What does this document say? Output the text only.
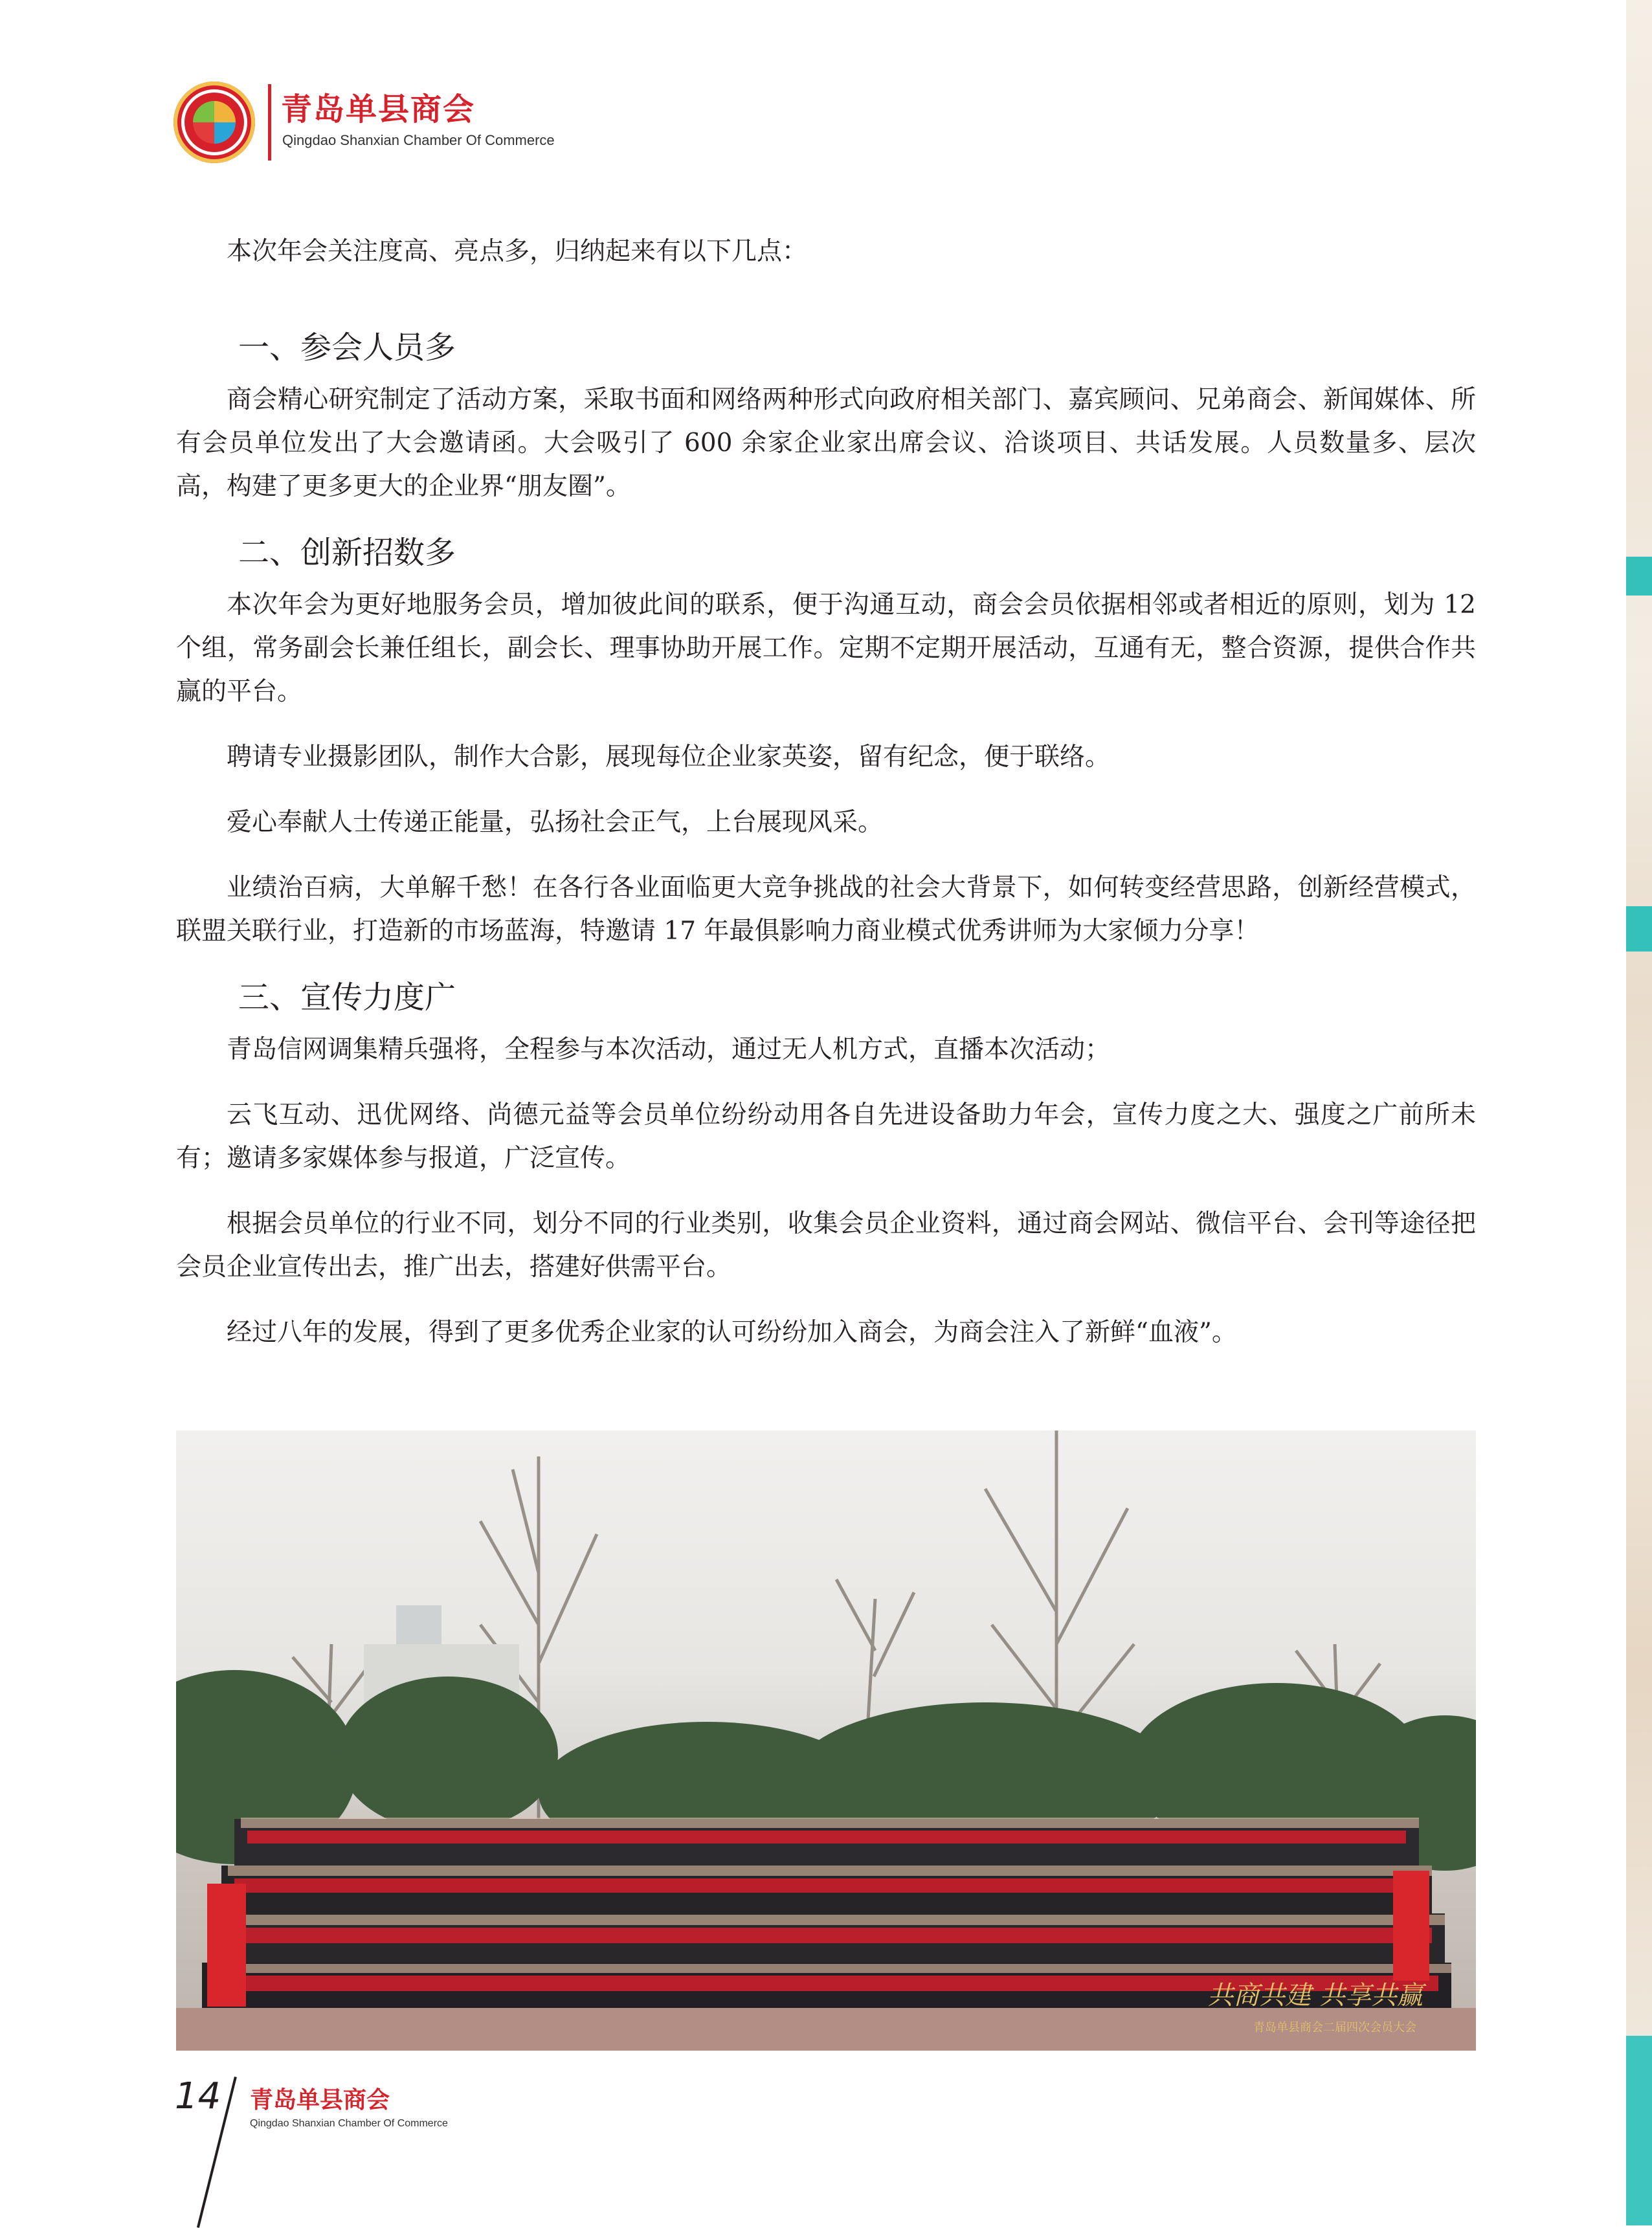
青岛单县商会
Qingdao Shanxian Chamber Of Commerce

本次年会关注度高、亮点多，归纳起来有以下几点：

一、参会人员多

商会精心研究制定了活动方案，采取书面和网络两种形式向政府相关部门、嘉宾顾问、兄弟商会、新闻媒体、所有会员单位发出了大会邀请函。大会吸引了 600 余家企业家出席会议、洽谈项目、共话发展。人员数量多、层次高，构建了更多更大的企业界“朋友圈”。

二、创新招数多

本次年会为更好地服务会员，增加彼此间的联系，便于沟通互动，商会会员依据相邻或者相近的原则，划为 12 个组，常务副会长兼任组长，副会长、理事协助开展工作。定期不定期开展活动，互通有无，整合资源，提供合作共赢的平台。

聘请专业摄影团队，制作大合影，展现每位企业家英姿，留有纪念，便于联络。

爱心奉献人士传递正能量，弘扬社会正气，上台展现风采。

业绩治百病，大单解千愁！在各行各业面临更大竞争挑战的社会大背景下，如何转变经营思路，创新经营模式，联盟关联行业，打造新的市场蓝海，特邀请 17 年最俱影响力商业模式优秀讲师为大家倾力分享！

三、宣传力度广

青岛信网调集精兵强将，全程参与本次活动，通过无人机方式，直播本次活动；

云飞互动、迅优网络、尚德元益等会员单位纷纷动用各自先进设备助力年会，宣传力度之大、强度之广前所未有；邀请多家媒体参与报道，广泛宣传。

根据会员单位的行业不同，划分不同的行业类别，收集会员企业资料，通过商会网站、微信平台、会刊等途径把会员企业宣传出去，推广出去，搭建好供需平台。

经过八年的发展，得到了更多优秀企业家的认可纷纷加入商会，为商会注入了新鲜“血液”。

共商共建 共享共赢
青岛单县商会二届四次会员大会
14 青岛单县商会
Qingdao Shanxian Chamber Of Commerce
